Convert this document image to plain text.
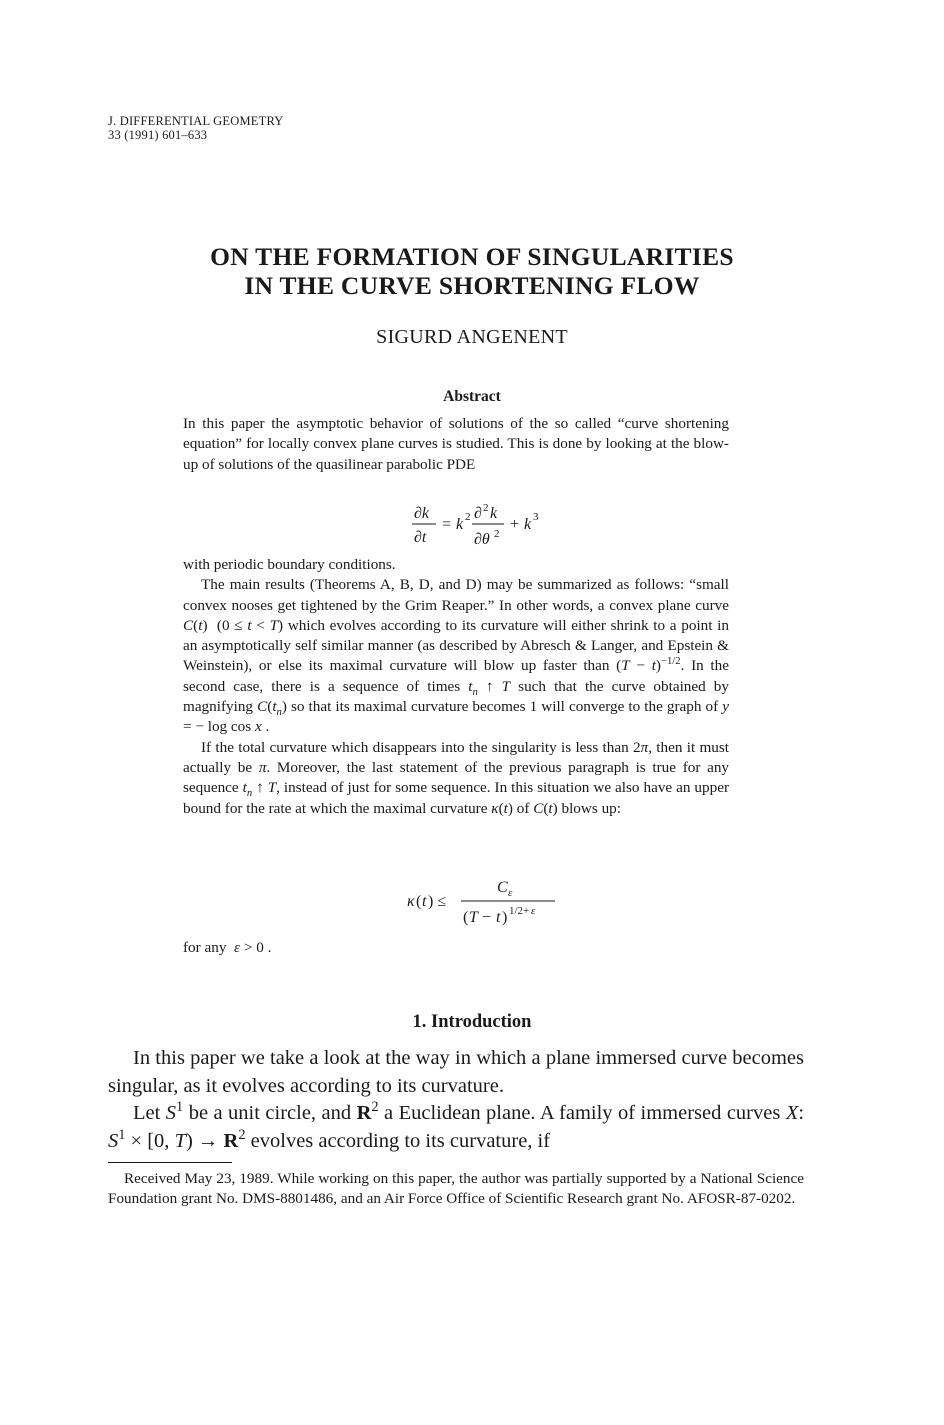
J. DIFFERENTIAL GEOMETRY
33 (1991) 601–633
ON THE FORMATION OF SINGULARITIES
IN THE CURVE SHORTENING FLOW
SIGURD ANGENENT
Abstract

In this paper the asymptotic behavior of solutions of the so called “curve shortening equation” for locally convex plane curves is studied. This is done by looking at the blow-up of solutions of the quasilinear parabolic PDE

∂k
∂t
= k 2 ∂ 2 k
∂θ 2
+ k 3

with periodic boundary conditions.

The main results (Theorems A, B, D, and D) may be summarized as follows: “small convex nooses get tightened by the Grim Reaper.” In other words, a convex plane curve C(t)  (0 ≤ t < T) which evolves according to its curvature will either shrink to a point in an asymptotically self similar manner (as described by Abresch & Langer, and Epstein & Weinstein), or else its maximal curvature will blow up faster than $(T - t)^{-1/2}$. In the second case, there is a sequence of times $t_n$ ↑ T such that the curve obtained by magnifying $C(t_n)$ so that its maximal curvature becomes 1 will converge to the graph of y = − log cos x .

If the total curvature which disappears into the singularity is less than 2π, then it must actually be π. Moreover, the last statement of the previous paragraph is true for any sequence $t_n$ ↑ T, instead of just for some sequence. In this situation we also have an upper bound for the rate at which the maximal curvature κ(t) of C(t) blows up:

κ ( t ) ≤
C ε
( T − t ) 1/2+ ε

for any ε > 0 .

1. Introduction

In this paper we take a look at the way in which a plane immersed curve becomes singular, as it evolves according to its curvature.

Let $S^1$ be a unit circle, and $R^2$ a Euclidean plane. A family of immersed curves X: $S^1 \times [0$, $T) \to R^2$ evolves according to its curvature, if

Received May 23, 1989. While working on this paper, the author was partially supported by a National Science Foundation grant No. DMS-8801486, and an Air Force Office of Scientific Research grant No. AFOSR-87-0202.
